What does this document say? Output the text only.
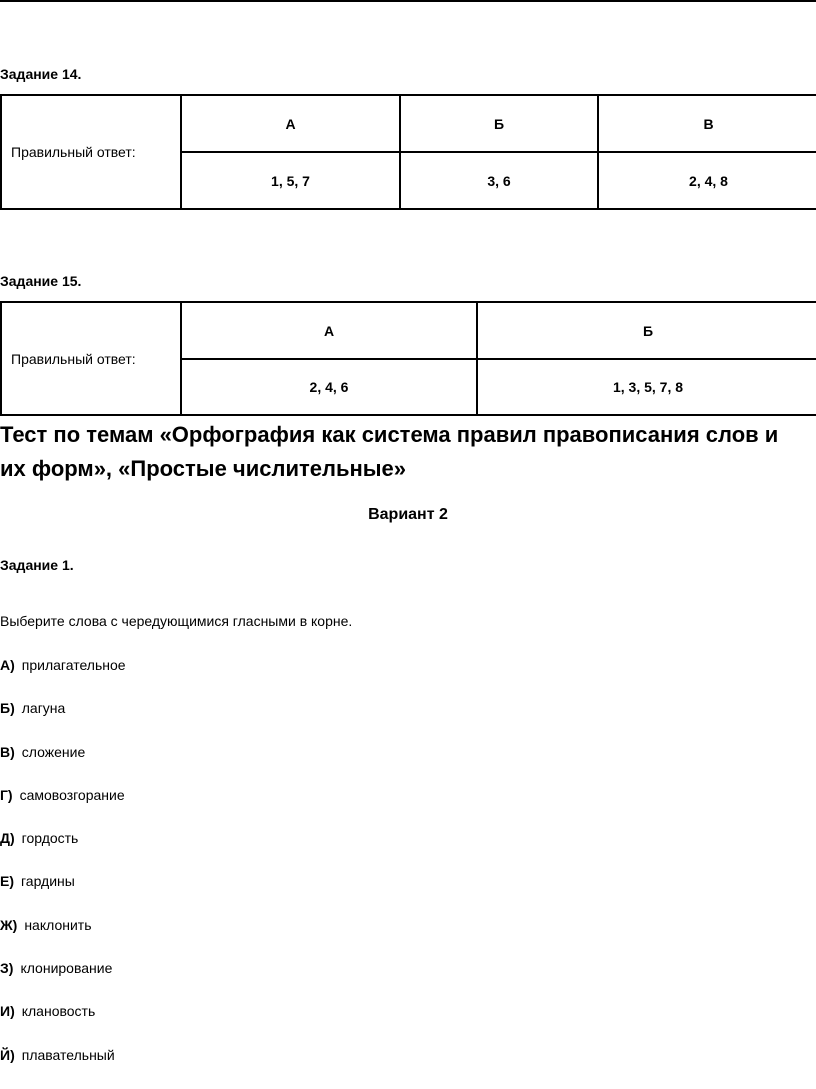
Задание 14.
Правильный ответ:	А	Б	В
	1, 5, 7	3, 6	2, 4, 8
Задание 15.
Правильный ответ:	А	Б
	2, 4, 6	1, 3, 5, 7, 8
Тест по темам «Орфография как система правил правописания слов и
их форм», «Простые числительные»
Вариант 2
Задание 1.
Выберите слова с чередующимися гласными в корне.
А) прилагательное
Б) лагуна
В) сложение
Г) самовозгорание
Д) гордость
Е) гардины
Ж) наклонить
З) клонирование
И) клановость
Й) плавательный
